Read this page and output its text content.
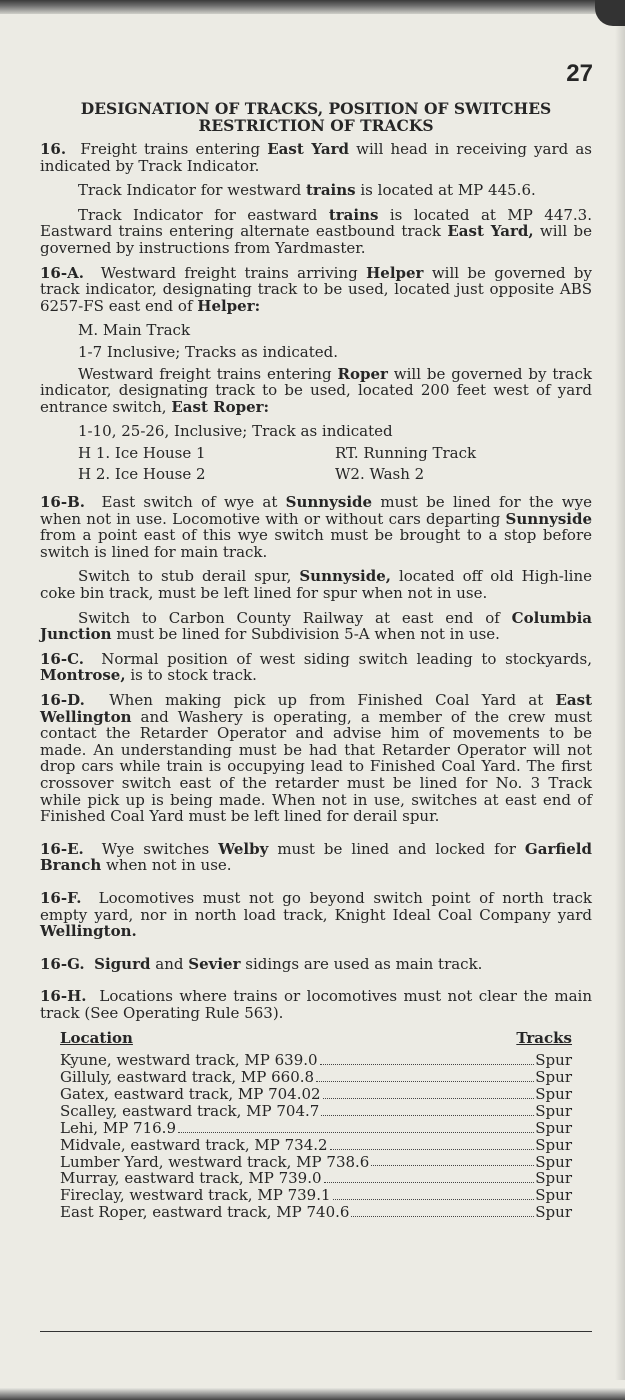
27
DESIGNATION OF TRACKS, POSITION OF SWITCHES
RESTRICTION OF TRACKS

16. Freight trains entering East Yard will head in receiving yard as indicated by Track Indicator.

Track Indicator for westward trains is located at MP 445.6.

Track Indicator for eastward trains is located at MP 447.3. Eastward trains entering alternate eastbound track East Yard, will be governed by instructions from Yardmaster.

16-A. Westward freight trains arriving Helper will be governed by track indicator, designating track to be used, located just opposite ABS 6257-FS east end of Helper:

M. Main Track
1-7 Inclusive; Tracks as indicated.

Westward freight trains entering Roper will be governed by track indicator, designating track to be used, located 200 feet west of yard entrance switch, East Roper:

1-10, 25-26, Inclusive; Track as indicated
H 1. Ice House 1	RT. Running Track
H 2. Ice House 2	W2. Wash 2

16-B. East switch of wye at Sunnyside must be lined for the wye when not in use. Locomotive with or without cars departing Sunnyside from a point east of this wye switch must be brought to a stop before switch is lined for main track.

Switch to stub derail spur, Sunnyside, located off old High-line coke bin track, must be left lined for spur when not in use.

Switch to Carbon County Railway at east end of Columbia Junction must be lined for Subdivision 5-A when not in use.

16-C. Normal position of west siding switch leading to stockyards, Montrose, is to stock track.

16-D. When making pick up from Finished Coal Yard at East Wellington and Washery is operating, a member of the crew must contact the Retarder Operator and advise him of movements to be made. An understanding must be had that Retarder Operator will not drop cars while train is occupying lead to Finished Coal Yard. The first crossover switch east of the retarder must be lined for No. 3 Track while pick up is being made. When not in use, switches at east end of Finished Coal Yard must be left lined for derail spur.

16-E. Wye switches Welby must be lined and locked for Garfield Branch when not in use.

16-F. Locomotives must not go beyond switch point of north track empty yard, nor in north load track, Knight Ideal Coal Company yard Wellington.

16-G. Sigurd and Sevier sidings are used as main track.

16-H. Locations where trains or locomotives must not clear the main track (See Operating Rule 563).

Location	Tracks

Kyune, westward track, MP 639.0	Spur

Gilluly, eastward track, MP 660.8	Spur

Gatex, eastward track, MP 704.02	Spur

Scalley, eastward track, MP 704.7	Spur

Lehi, MP 716.9	Spur

Midvale, eastward track, MP 734.2	Spur

Lumber Yard, westward track, MP 738.6	Spur

Murray, eastward track, MP 739.0	Spur

Fireclay, westward track, MP 739.1	Spur

East Roper, eastward track, MP 740.6	Spur
